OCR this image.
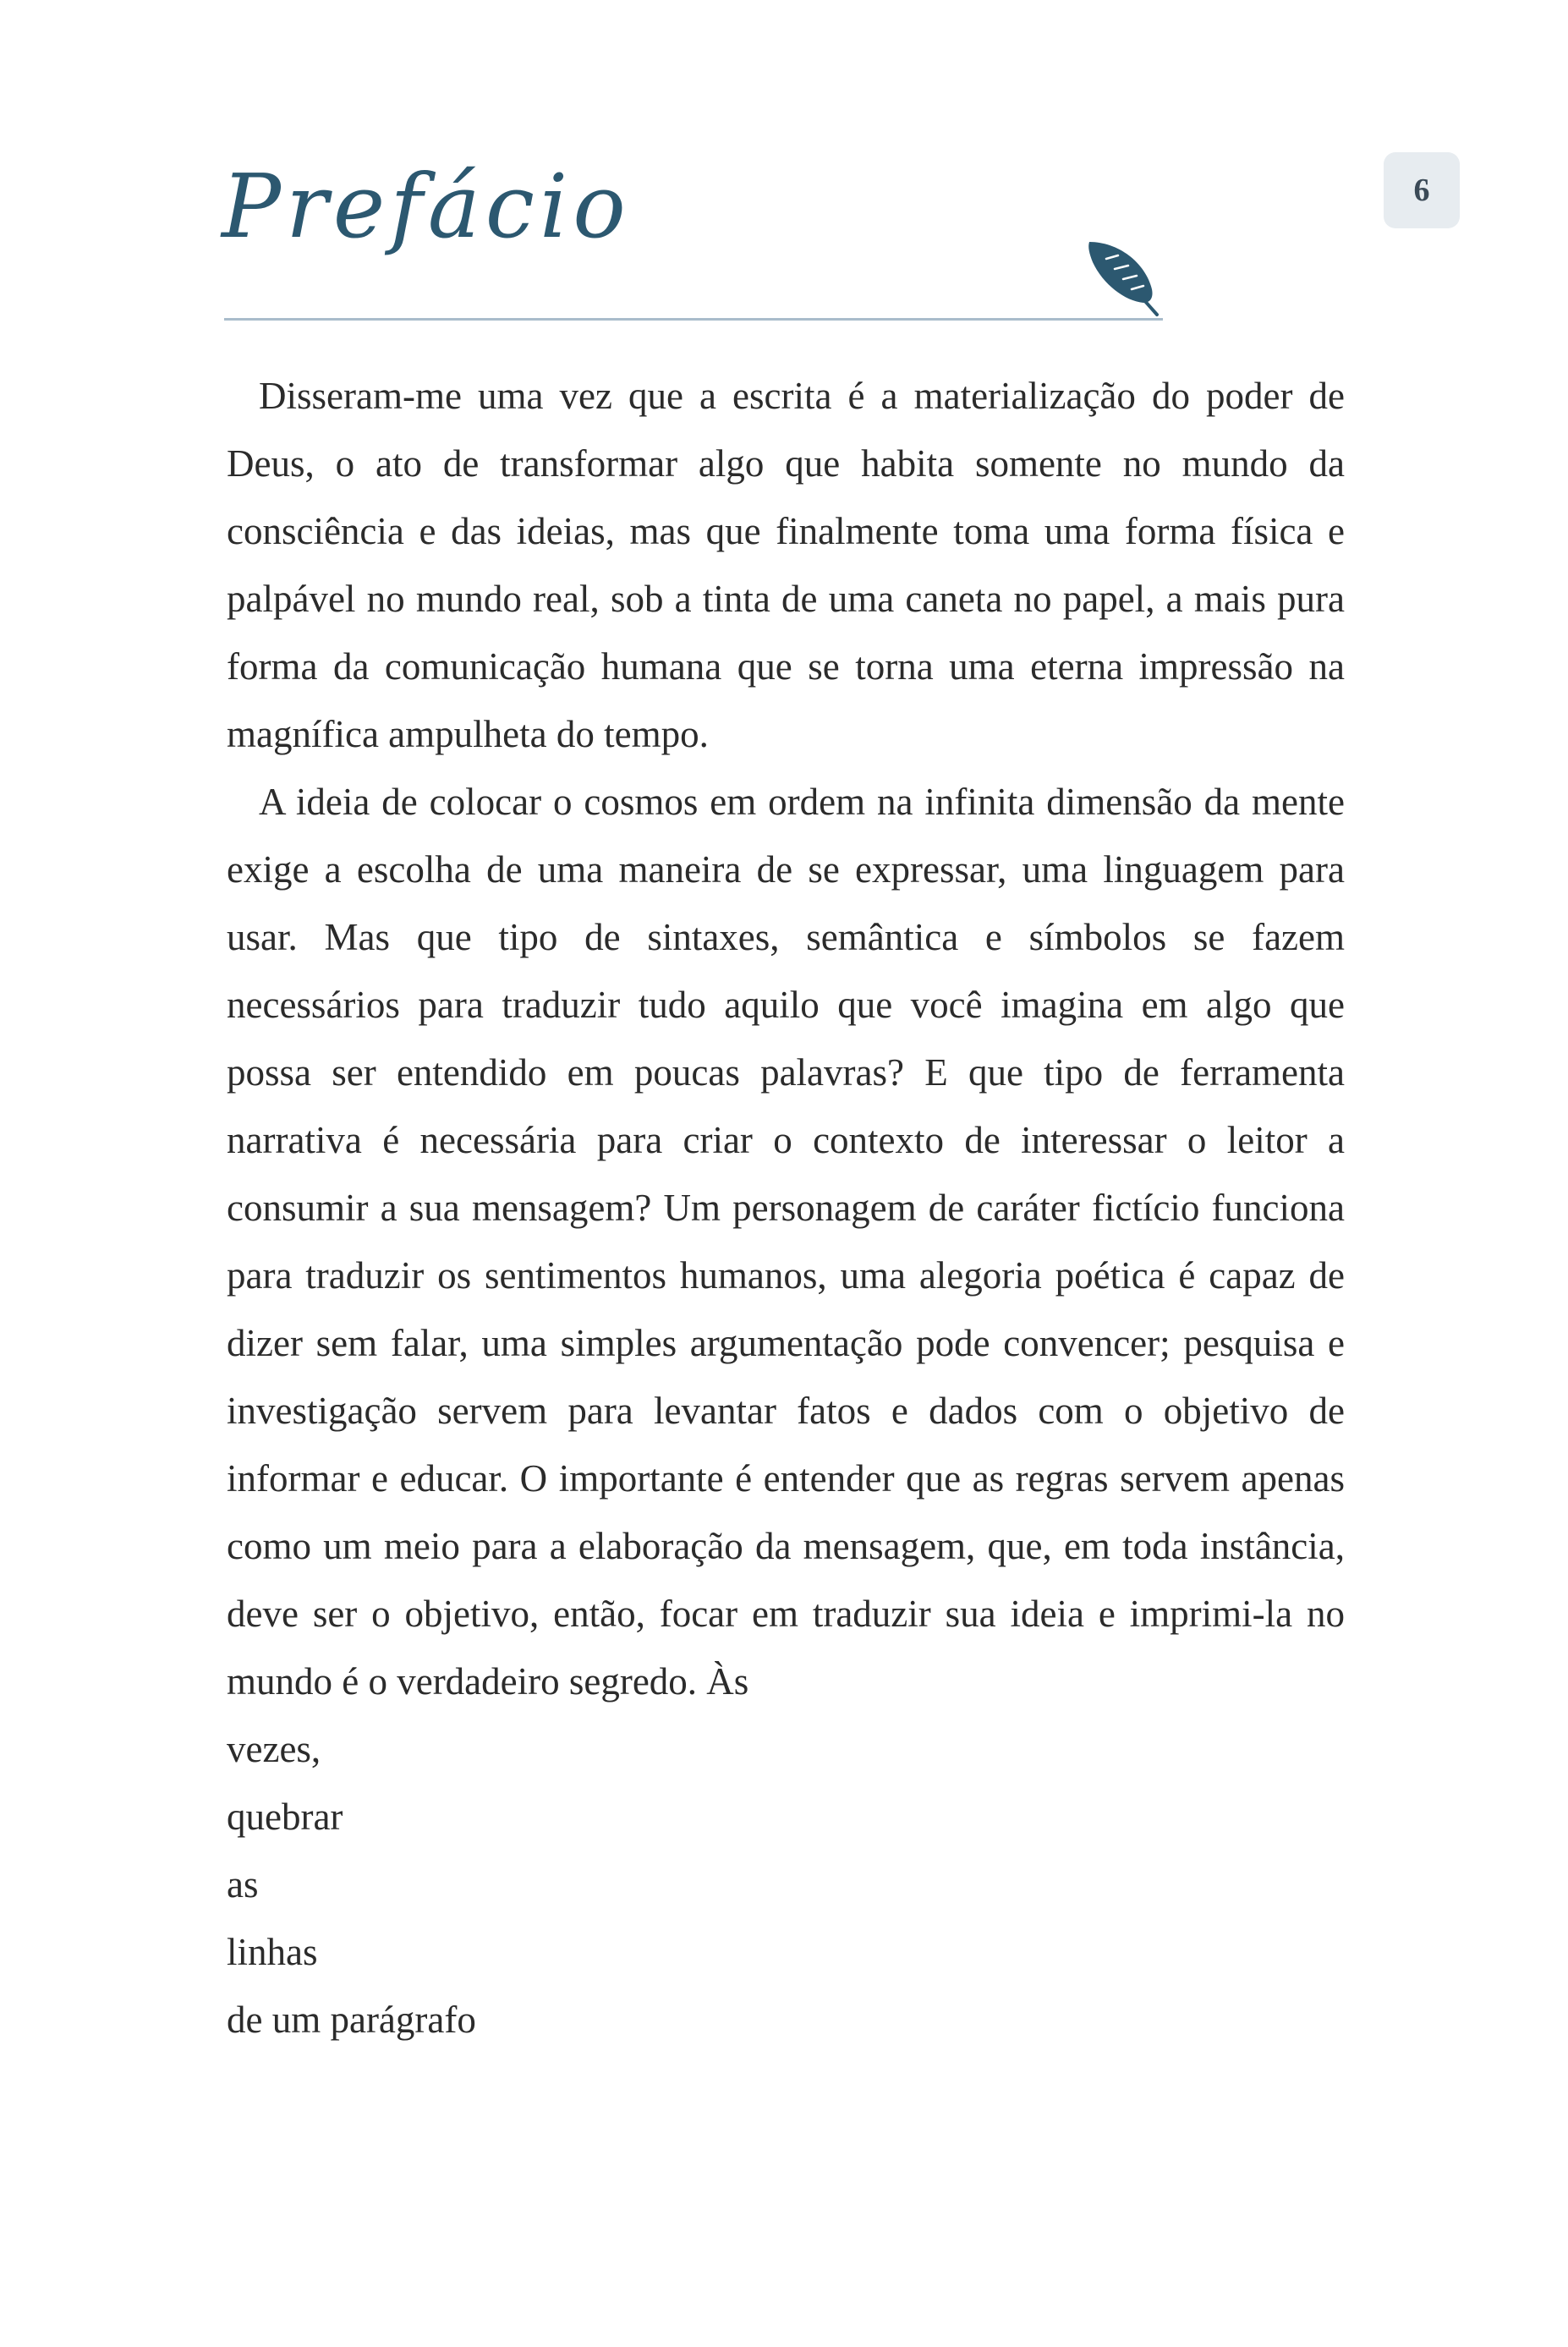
6
Prefácio

Disseram-me uma vez que a escrita é a materialização do poder de Deus, o ato de transformar algo que habita somente no mundo da consciência e das ideias, mas que finalmente toma uma forma física e palpável no mundo real, sob a tinta de uma caneta no papel, a mais pura forma da comunicação humana que se torna uma eterna impressão na magnífica ampulheta do tempo.

A ideia de colocar o cosmos em ordem na infinita dimensão da mente exige a escolha de uma maneira de se expressar, uma linguagem para usar. Mas que tipo de sintaxes, semântica e símbolos se fazem necessários para traduzir tudo aquilo que você imagina em algo que possa ser entendido em poucas palavras? E que tipo de ferramenta narrativa é necessária para criar o contexto de interessar o leitor a consumir a sua mensagem? Um personagem de caráter fictício funciona para traduzir os sentimentos humanos, uma alegoria poética é capaz de dizer sem falar, uma simples argumentação pode convencer; pesquisa e investigação servem para levantar fatos e dados com o objetivo de informar e educar. O importante é entender que as regras servem apenas como um meio para a elaboração da mensagem, que, em toda instância, deve ser o objetivo, então, focar em traduzir sua ideia e imprimi-la no mundo é o verdadeiro segredo. Às

vezes,
quebrar
as
linhas
de um parágrafo
